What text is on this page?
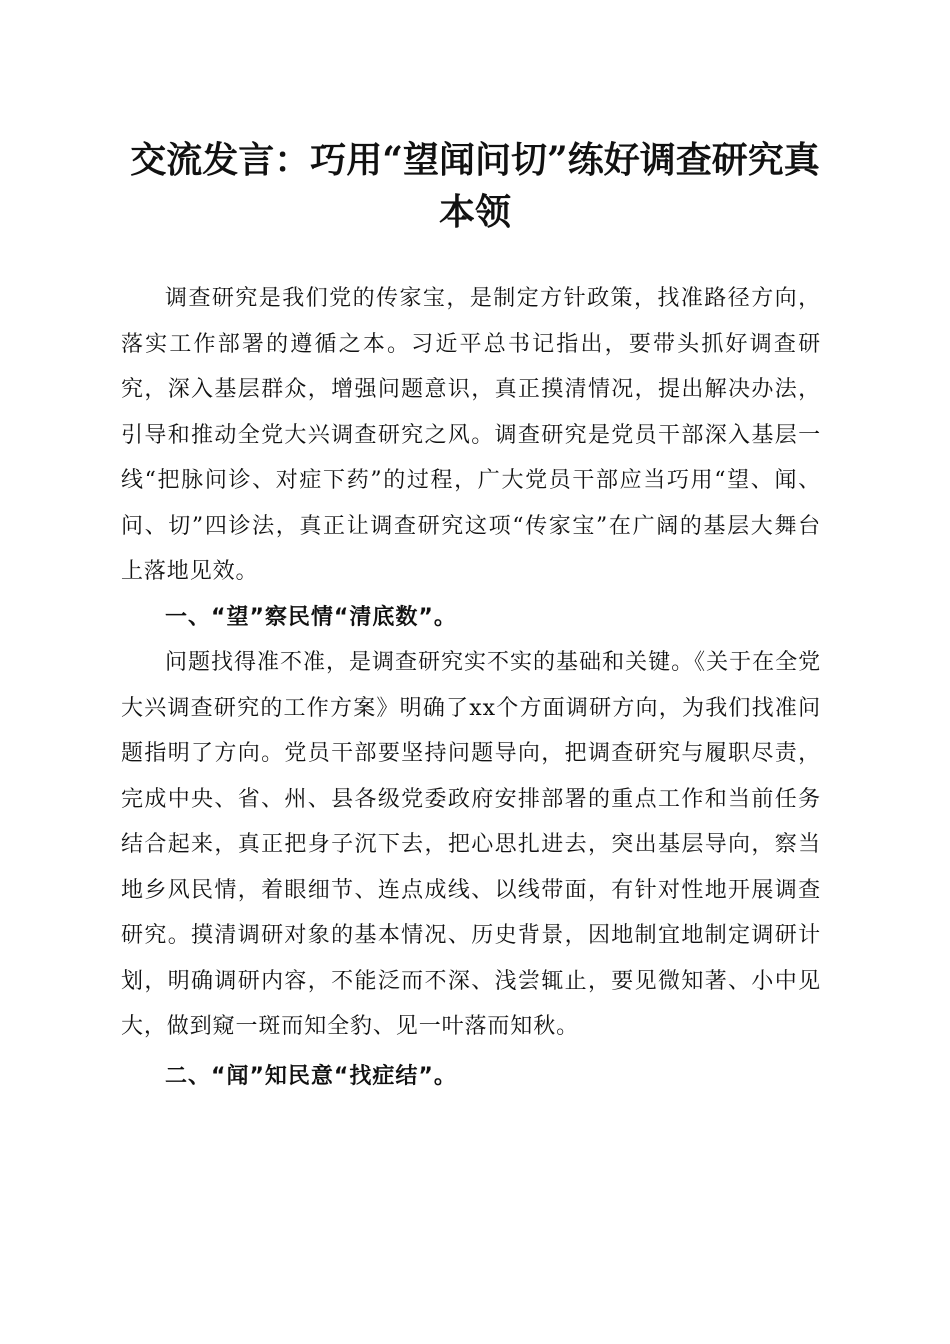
交流发言：巧用“望闻问切”练好调查研究真本领

调查研究是我们党的传家宝，是制定方针政策，找准路径方向，落实工作部署的遵循之本。习近平总书记指出，要带头抓好调查研究，深入基层群众，增强问题意识，真正摸清情况，提出解决办法，引导和推动全党大兴调查研究之风。调查研究是党员干部深入基层一线“把脉问诊、对症下药”的过程，广大党员干部应当巧用“望、闻、问、切”四诊法，真正让调查研究这项“传家宝”在广阔的基层大舞台上落地见效。

一、“望”察民情“清底数”。

问题找得准不准，是调查研究实不实的基础和关键。《关于在全党大兴调查研究的工作方案》明确了xx个方面调研方向，为我们找准问题指明了方向。党员干部要坚持问题导向，把调查研究与履职尽责，完成中央、省、州、县各级党委政府安排部署的重点工作和当前任务结合起来，真正把身子沉下去，把心思扎进去，突出基层导向，察当地乡风民情，着眼细节、连点成线、以线带面，有针对性地开展调查研究。摸清调研对象的基本情况、历史背景，因地制宜地制定调研计划，明确调研内容，不能泛而不深、浅尝辄止，要见微知著、小中见大，做到窥一斑而知全豹、见一叶落而知秋。

二、“闻”知民意“找症结”。
